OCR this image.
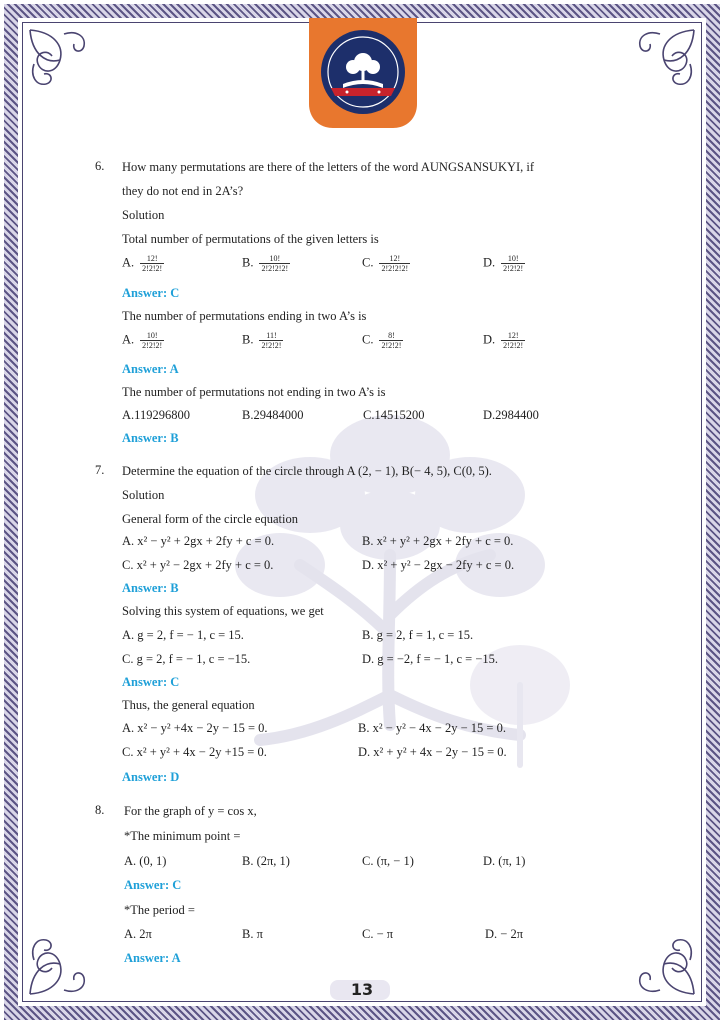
6. How many permutations are there of the letters of the word AUNGSANSUKYI, if
they do not end in 2A’s?
Solution
Total number of permutations of the given letters is
A. $\frac{12!}{2!2!2!}$	B. $\frac{10!}{2!2!2!2!}$	C. $\frac{12!}{2!2!2!2!}$	D. $\frac{10!}{2!2!2!}$
Answer: C
The number of permutations ending in two A’s is
A. $\frac{10!}{2!2!2!}$	B. $\frac{11!}{2!2!2!}$	C. $\frac{8!}{2!2!2!}$	D. $\frac{12!}{2!2!2!}$
Answer: A
The number of permutations not ending in two A’s is
A.119296800	B.29484000	C.14515200	D.2984400
Answer: B
7. Determine the equation of the circle through A (2, − 1), B(− 4, 5), C(0, 5).
Solution
General form of the circle equation
A. x² − y² + 2gx + 2fy + c = 0.	B. x² + y² + 2gx + 2fy + c = 0.
C. x² + y² − 2gx + 2fy + c = 0.	D. x² + y² − 2gx − 2fy + c = 0.
Answer: B
Solving this system of equations, we get
A. g = 2, f = − 1, c = 15.	B. g = 2, f = 1, c = 15.
C. g = 2, f = − 1, c = −15.	D. g = −2, f = − 1, c = −15.
Answer: C
Thus, the general equation
A. x² − y² +4x − 2y − 15 = 0.	B. x² − y² − 4x − 2y − 15 = 0.
C. x² + y² + 4x − 2y +15 = 0.	D. x² + y² + 4x − 2y − 15 = 0.
Answer: D
8. For the graph of y = cos x,
*The minimum point =
A. (0, 1)	B. (2π, 1)	C. (π, − 1)	D. (π, 1)
Answer: C
*The period =
A. 2π	B. π	C. − π	D. − 2π
Answer: A
13
